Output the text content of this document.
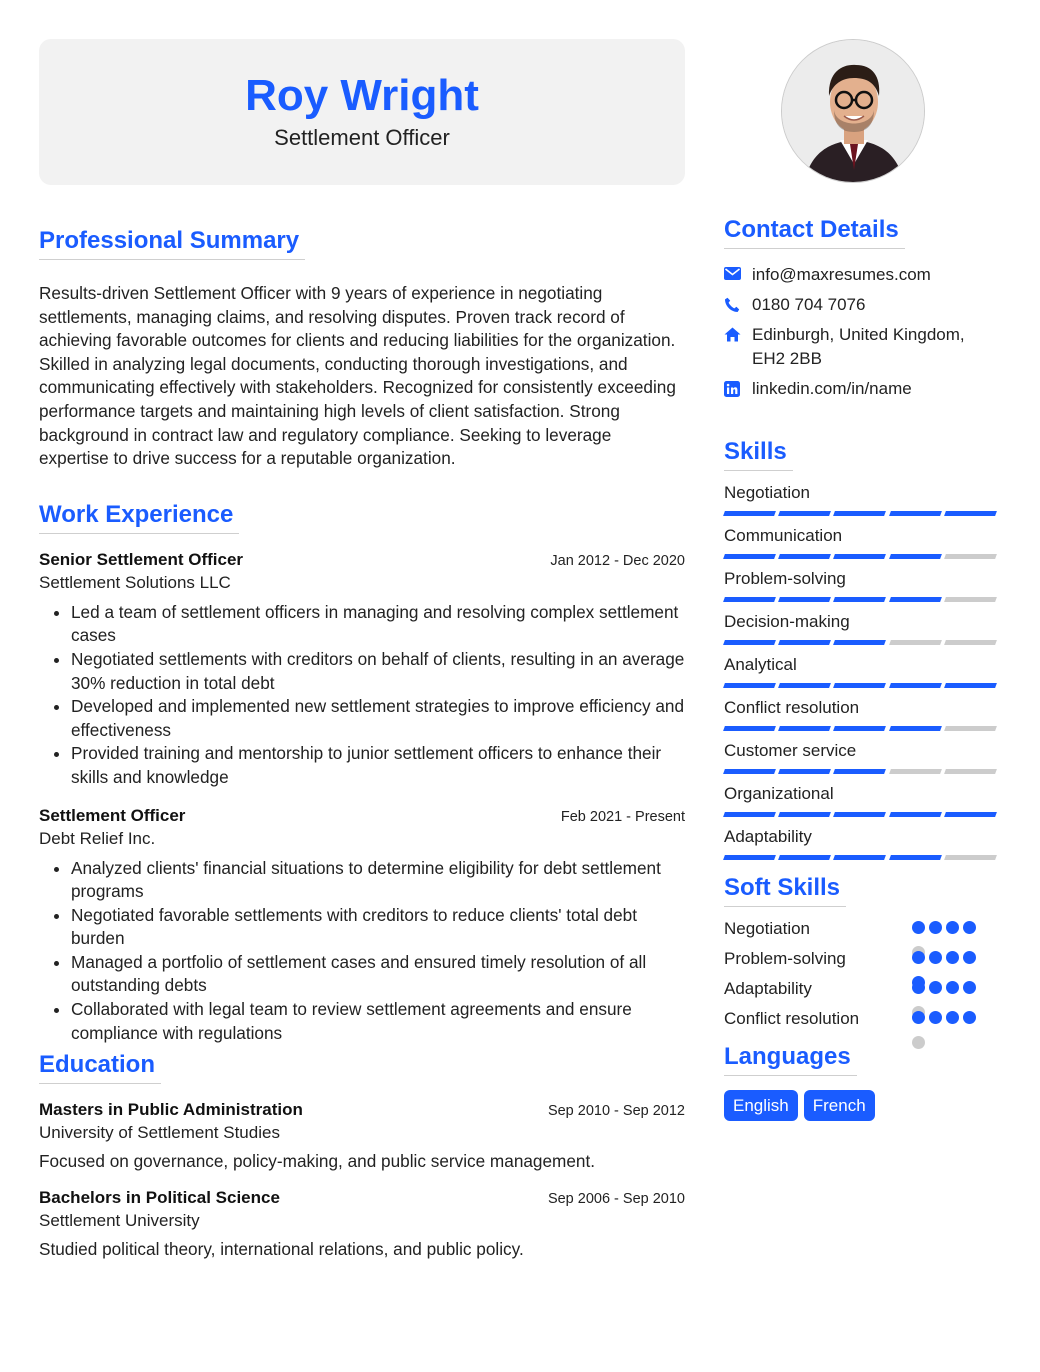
Roy Wright
Settlement Officer
Professional Summary

Results-driven Settlement Officer with 9 years of experience in negotiating settlements, managing claims, and resolving disputes. Proven track record of achieving favorable outcomes for clients and reducing liabilities for the organization. Skilled in analyzing legal documents, conducting thorough investigations, and communicating effectively with stakeholders. Recognized for consistently exceeding performance targets and maintaining high levels of client satisfaction. Strong background in contract law and regulatory compliance. Seeking to leverage expertise to drive success for a reputable organization.

Work Experience
Senior Settlement Officer	Jan 2012 - Dec 2020
Settlement Solutions LLC
• Led a team of settlement officers in managing and resolving complex settlement cases
• Negotiated settlements with creditors on behalf of clients, resulting in an average 30% reduction in total debt
• Developed and implemented new settlement strategies to improve efficiency and effectiveness
• Provided training and mentorship to junior settlement officers to enhance their skills and knowledge
Settlement Officer	Feb 2021 - Present
Debt Relief Inc.
• Analyzed clients' financial situations to determine eligibility for debt settlement programs
• Negotiated favorable settlements with creditors to reduce clients' total debt burden
• Managed a portfolio of settlement cases and ensured timely resolution of all outstanding debts
• Collaborated with legal team to review settlement agreements and ensure compliance with regulations
Education
Masters in Public Administration	Sep 2010 - Sep 2012
University of Settlement Studies

Focused on governance, policy-making, and public service management.

Bachelors in Political Science	Sep 2006 - Sep 2010
Settlement University

Studied political theory, international relations, and public policy.

Contact Details
info@maxresumes.com
0180 704 7076
Edinburgh, United Kingdom, EH2 2BB
linkedin.com/in/name
Skills
Negotiation
Communication
Problem-solving
Decision-making
Analytical
Conflict resolution
Customer service
Organizational
Adaptability
Soft Skills
Negotiation
Problem-solving
Adaptability
Conflict resolution
Languages
English	French
